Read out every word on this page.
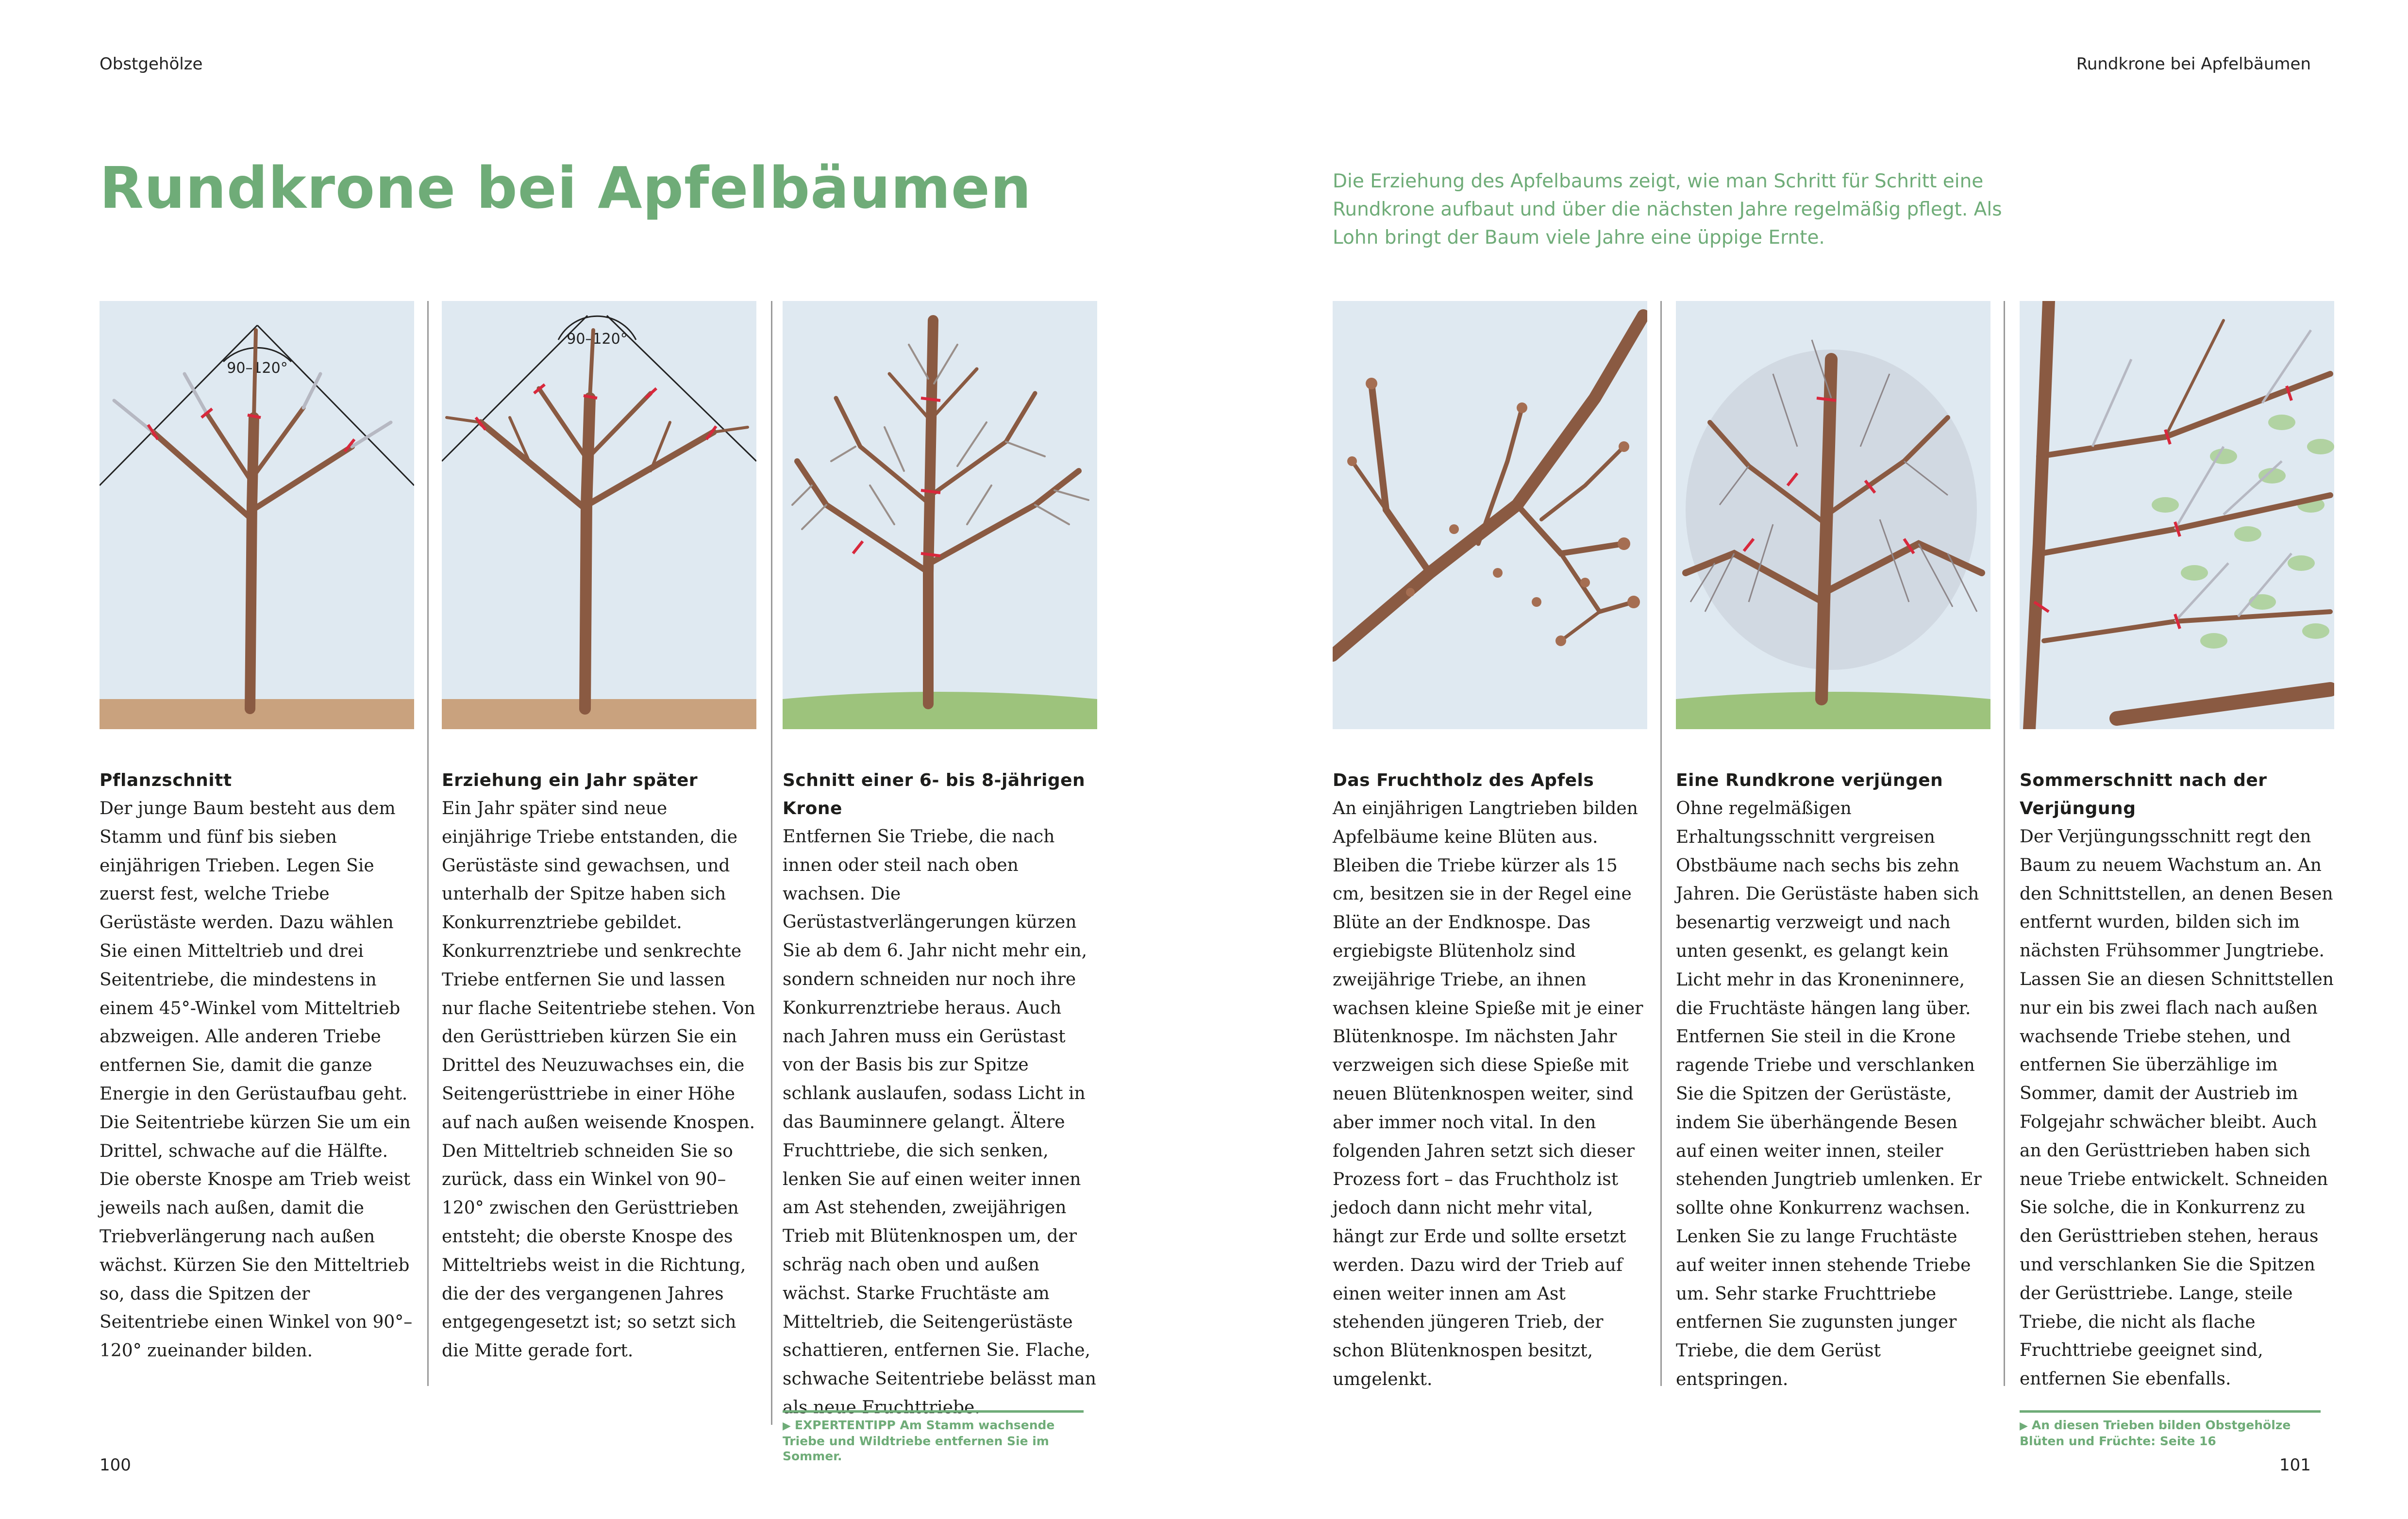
Obstgehölze	Rundkrone bei Apfelbäumen
Rundkrone bei Apfelbäumen	Die Erziehung des Apfelbaums zeigt, wie man Schritt für Schritt eine Rundkrone aufbaut und über die nächsten Jahre regelmäßig pflegt. Als Lohn bringt der Baum viele Jahre eine üppige Ernte.

90–120°
Pflanzschnitt

Der junge Baum besteht aus dem Stamm und fünf bis sieben einjährigen Trieben. Legen Sie zuerst fest, welche Triebe Gerüstäste werden. Dazu wählen Sie einen Mitteltrieb und drei Seitentriebe, die mindestens in einem 45°-Winkel vom Mitteltrieb abzweigen. Alle anderen Triebe entfernen Sie, damit die ganze Energie in den Gerüstaufbau geht. Die Seitentriebe kürzen Sie um ein Drittel, schwache auf die Hälfte. Die oberste Knospe am Trieb weist jeweils nach außen, damit die Triebverlängerung nach außen wächst. Kürzen Sie den Mitteltrieb so, dass die Spitzen der Seitentriebe einen Winkel von 90°–120° zueinander bilden.

90–120°
Erziehung ein Jahr später

Ein Jahr später sind neue einjährige Triebe entstanden, die Gerüstäste sind gewachsen, und unterhalb der Spitze haben sich Konkurrenztriebe gebildet. Konkurrenztriebe und senkrechte Triebe entfernen Sie und lassen nur flache Seitentriebe stehen. Von den Gerüsttrieben kürzen Sie ein Drittel des Neuzuwachses ein, die Seitengerüsttriebe in einer Höhe auf nach außen weisende Knospen. Den Mitteltrieb schneiden Sie so zurück, dass ein Winkel von 90–120° zwischen den Gerüsttrieben entsteht; die oberste Knospe des Mitteltriebs weist in die Richtung, die der des vergangenen Jahres entgegengesetzt ist; so setzt sich die Mitte gerade fort.

Schnitt einer 6- bis 8-jährigen Krone

Entfernen Sie Triebe, die nach innen oder steil nach oben wachsen. Die Gerüstastverlängerungen kürzen Sie ab dem 6. Jahr nicht mehr ein, sondern schneiden nur noch ihre Konkurrenztriebe heraus. Auch nach Jahren muss ein Gerüstast von der Basis bis zur Spitze schlank auslaufen, sodass Licht in das Bauminnere gelangt. Ältere Fruchttriebe, die sich senken, lenken Sie auf einen weiter innen am Ast stehenden, zweijährigen Trieb mit Blütenknospen um, der schräg nach oben und außen wächst. Starke Fruchtäste am Mitteltrieb, die Seitengerüstäste schattieren, entfernen Sie. Flache, schwache Seitentriebe belässt man als neue Fruchttriebe.

Das Fruchtholz des Apfels

An einjährigen Langtrieben bilden Apfelbäume keine Blüten aus. Bleiben die Triebe kürzer als 15 cm, besitzen sie in der Regel eine Blüte an der Endknospe. Das ergiebigste Blütenholz sind zweijährige Triebe, an ihnen wachsen kleine Spieße mit je einer Blütenknospe. Im nächsten Jahr verzweigen sich diese Spieße mit neuen Blütenknospen weiter, sind aber immer noch vital. In den folgenden Jahren setzt sich dieser Prozess fort – das Fruchtholz ist jedoch dann nicht mehr vital, hängt zur Erde und sollte ersetzt werden. Dazu wird der Trieb auf einen weiter innen am Ast stehenden jüngeren Trieb, der schon Blütenknospen besitzt, umgelenkt.

Eine Rundkrone verjüngen

Ohne regelmäßigen Erhaltungsschnitt vergreisen Obstbäume nach sechs bis zehn Jahren. Die Gerüstäste haben sich besenartig verzweigt und nach unten gesenkt, es gelangt kein Licht mehr in das Kroneninnere, die Fruchtäste hängen lang über. Entfernen Sie steil in die Krone ragende Triebe und verschlanken Sie die Spitzen der Gerüstäste, indem Sie überhängende Besen auf einen weiter innen, steiler stehenden Jungtrieb umlenken. Er sollte ohne Konkurrenz wachsen. Lenken Sie zu lange Fruchtäste auf weiter innen stehende Triebe um. Sehr starke Fruchttriebe entfernen Sie zugunsten junger Triebe, die dem Gerüst entspringen.

Sommerschnitt nach der Verjüngung

Der Verjüngungsschnitt regt den Baum zu neuem Wachstum an. An den Schnittstellen, an denen Besen entfernt wurden, bilden sich im nächsten Frühsommer Jungtriebe. Lassen Sie an diesen Schnittstellen nur ein bis zwei flach nach außen wachsende Triebe stehen, und entfernen Sie überzählige im Sommer, damit der Austrieb im Folgejahr schwächer bleibt. Auch an den Gerüsttrieben haben sich neue Triebe entwickelt. Schneiden Sie solche, die in Konkurrenz zu den Gerüsttrieben stehen, heraus und verschlanken Sie die Spitzen der Gerüsttriebe. Lange, steile Triebe, die nicht als flache Fruchttriebe geeignet sind, entfernen Sie ebenfalls.

▶ EXPERTENTIPP Am Stamm wachsende Triebe und Wildtriebe entfernen Sie im Sommer.
▶ An diesen Trieben bilden Obstgehölze Blüten und Früchte: Seite 16
100	101
